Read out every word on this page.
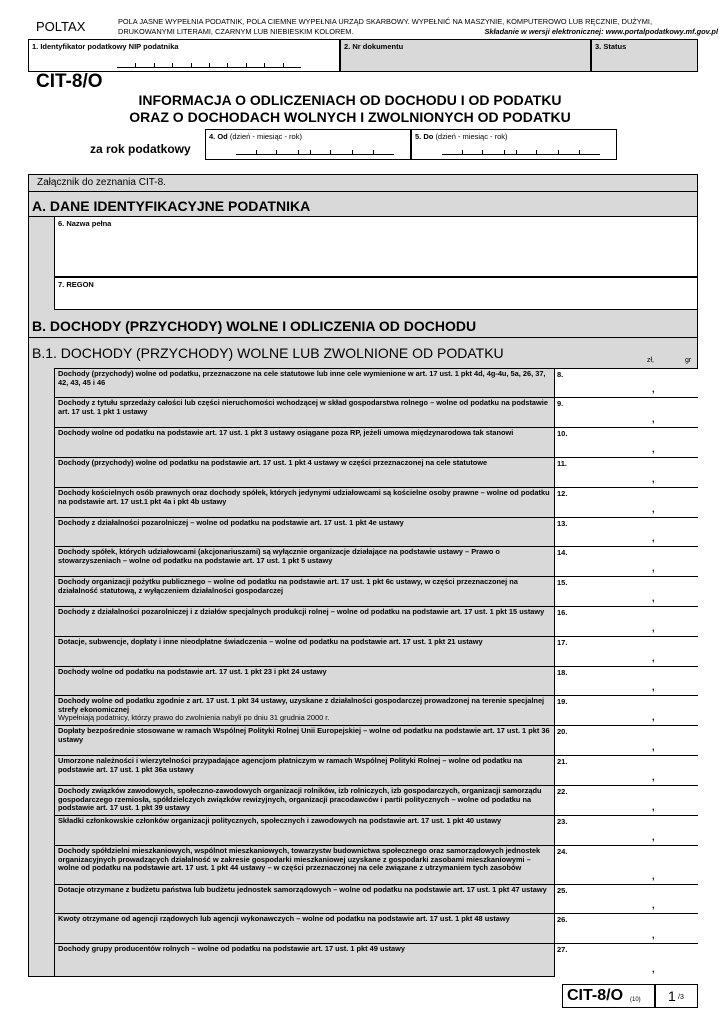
POLTAX	POLA JASNE WYPEŁNIA PODATNIK, POLA CIEMNE WYPEŁNIA URZĄD SKARBOWY. WYPEŁNIĆ NA MASZYNIE, KOMPUTEROWO LUB RĘCZNIE, DUŻYMI,
DRUKOWANYMI LITERAMI, CZARNYM LUB NIEBIESKIM KOLOREM.	Składanie w wersji elektronicznej: www.portalpodatkowy.mf.gov.pl
1. Identyfikator podatkowy NIP podatnika	2. Nr dokumentu	3. Status
CIT-8/O
INFORMACJA O ODLICZENIACH OD DOCHODU I OD PODATKU
ORAZ O DOCHODACH WOLNYCH I ZWOLNIONYCH OD PODATKU
za rok podatkowy
4. Od (dzień - miesiąc - rok)	5. Do (dzień - miesiąc - rok)
Załącznik do zeznania CIT-8.
A. DANE IDENTYFIKACYJNE PODATNIKA
6. Nazwa pełna
7. REGON
B. DOCHODY (PRZYCHODY) WOLNE I ODLICZENIA OD DOCHODU
B.1. DOCHODY (PRZYCHODY) WOLNE LUB ZWOLNIONE OD PODATKU	zł,	gr
Dochody (przychody) wolne od podatku, przeznaczone na cele statutowe lub inne cele wymienione w art. 17 ust. 1 pkt 4d, 4g-4u, 5a, 26, 37, 42, 43, 45 i 46
8.
,
Dochody z tytułu sprzedaży całości lub części nieruchomości wchodzącej w skład gospodarstwa rolnego – wolne od podatku na podstawie art. 17 ust. 1 pkt 1 ustawy
9.
,
Dochody wolne od podatku na podstawie art. 17 ust. 1 pkt 3 ustawy osiągane poza RP, jeżeli umowa międzynarodowa tak stanowi	10.
,
Dochody (przychody) wolne od podatku na podstawie art. 17 ust. 1 pkt 4 ustawy w części przeznaczonej na cele statutowe	11.
,
Dochody kościelnych osób prawnych oraz dochody spółek, których jedynymi udziałowcami są kościelne osoby prawne – wolne od podatku na podstawie art. 17 ust.1 pkt 4a i pkt 4b ustawy
12.
,
Dochody z działalności pozarolniczej – wolne od podatku na podstawie art. 17 ust. 1 pkt 4e ustawy	13.
,
Dochody spółek, których udziałowcami (akcjonariuszami) są wyłącznie organizacje działające na podstawie ustawy – Prawo o stowarzyszeniach – wolne od podatku na podstawie art. 17 ust. 1 pkt 5 ustawy
14.
,
Dochody organizacji pożytku publicznego – wolne od podatku na podstawie art. 17 ust. 1 pkt 6c ustawy, w części przeznaczonej na działalność statutową, z wyłączeniem działalności gospodarczej
15.
,
Dochody z działalności pozarolniczej i z działów specjalnych produkcji rolnej – wolne od podatku na podstawie art. 17 ust. 1 pkt 15 ustawy	16.
,
Dotacje, subwencje, dopłaty i inne nieodpłatne świadczenia – wolne od podatku na podstawie art. 17 ust. 1 pkt 21 ustawy	17.
,
Dochody wolne od podatku na podstawie art. 17 ust. 1 pkt 23 i pkt 24 ustawy	18.
,
Dochody wolne od podatku zgodnie z art. 17 ust. 1 pkt 34 ustawy, uzyskane z działalności gospodarczej prowadzonej na terenie specjalnej strefy ekonomicznej
Wypełniają podatnicy, którzy prawo do zwolnienia nabyli po dniu 31 grudnia 2000 r.
19.
,
Dopłaty bezpośrednie stosowane w ramach Wspólnej Polityki Rolnej Unii Europejskiej – wolne od podatku na podstawie art. 17 ust. 1 pkt 36 ustawy
20.
,
Umorzone należności i wierzytelności przypadające agencjom płatniczym w ramach Wspólnej Polityki Rolnej – wolne od podatku na podstawie art. 17 ust. 1 pkt 36a ustawy
21.
,
Dochody związków zawodowych, społeczno-zawodowych organizacji rolników, izb rolniczych, izb gospodarczych, organizacji samorządu gospodarczego rzemiosła, spółdzielczych związków rewizyjnych, organizacji pracodawców i partii politycznych – wolne od podatku na podstawie art. 17 ust. 1 pkt 39 ustawy
22.
,
Składki członkowskie członków organizacji politycznych, społecznych i zawodowych na podstawie art. 17 ust. 1 pkt 40 ustawy	23.
,
Dochody spółdzielni mieszkaniowych, wspólnot mieszkaniowych, towarzystw budownictwa społecznego oraz samorządowych jednostek organizacyjnych prowadzących działalność w zakresie gospodarki mieszkaniowej uzyskane z gospodarki zasobami mieszkaniowymi – wolne od podatku na podstawie art. 17 ust. 1 pkt 44 ustawy – w części przeznaczonej na cele związane z utrzymaniem tych zasobów
24.
,
Dotacje otrzymane z budżetu państwa lub budżetu jednostek samorządowych – wolne od podatku na podstawie art. 17 ust. 1 pkt 47 ustawy	25.
,
Kwoty otrzymane od agencji rządowych lub agencji wykonawczych – wolne od podatku na podstawie art. 17 ust. 1 pkt 48 ustawy	26.
,
Dochody grupy producentów rolnych – wolne od podatku na podstawie art. 17 ust. 1 pkt 49 ustawy	27.
,
CIT-8/O (10) 1 /3
